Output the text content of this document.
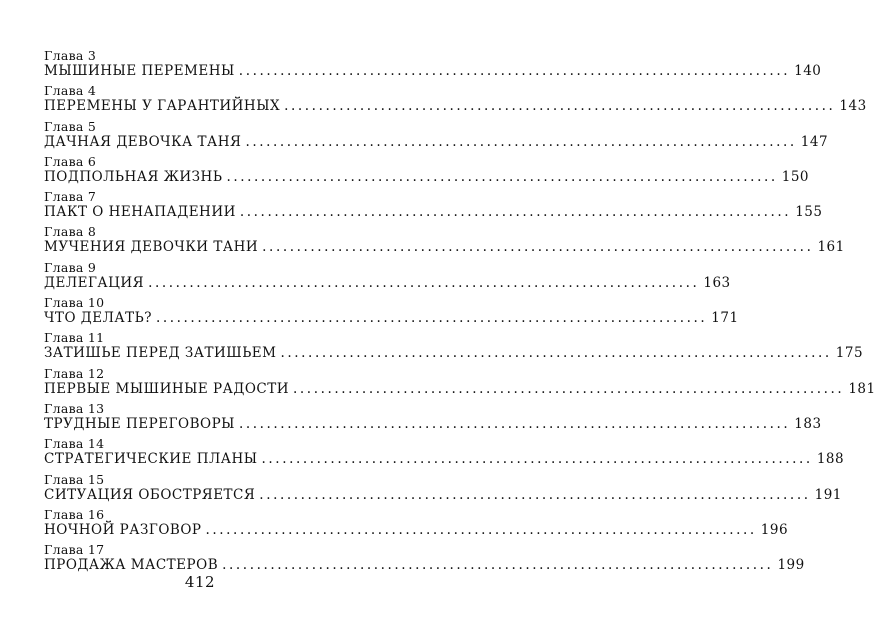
Глава 3
МЫШИНЫЕ ПЕРЕМЕНЫ ................................................................................ 140
Глава 4
ПЕРЕМЕНЫ У ГАРАНТИЙНЫХ ................................................................................ 143
Глава 5
ДАЧНАЯ ДЕВОЧКА ТАНЯ ................................................................................ 147
Глава 6
ПОДПОЛЬНАЯ ЖИЗНЬ ................................................................................ 150
Глава 7
ПАКТ О НЕНАПАДЕНИИ ................................................................................ 155
Глава 8
МУЧЕНИЯ ДЕВОЧКИ ТАНИ ................................................................................ 161
Глава 9
ДЕЛЕГАЦИЯ ................................................................................ 163
Глава 10
ЧТО ДЕЛАТЬ? ................................................................................ 171
Глава 11
ЗАТИШЬЕ ПЕРЕД ЗАТИШЬЕМ ................................................................................ 175
Глава 12
ПЕРВЫЕ МЫШИНЫЕ РАДОСТИ ................................................................................ 181
Глава 13
ТРУДНЫЕ ПЕРЕГОВОРЫ ................................................................................ 183
Глава 14
СТРАТЕГИЧЕСКИЕ ПЛАНЫ ................................................................................ 188
Глава 15
СИТУАЦИЯ ОБОСТРЯЕТСЯ ................................................................................ 191
Глава 16
НОЧНОЙ РАЗГОВОР ................................................................................ 196
Глава 17
ПРОДАЖА МАСТЕРОВ ................................................................................ 199
412
